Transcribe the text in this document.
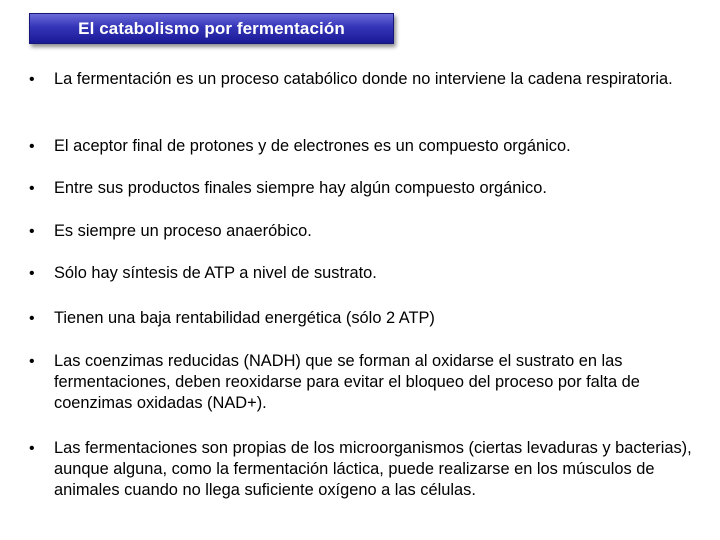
El catabolismo por fermentación
• La fermentación es un proceso catabólico donde no interviene la cadena respiratoria.
• El aceptor final de protones y de electrones es un compuesto orgánico.
• Entre sus productos finales siempre hay algún compuesto orgánico.
• Es siempre un proceso anaeróbico.
• Sólo hay síntesis de ATP a nivel de sustrato.
• Tienen una baja rentabilidad energética (sólo 2 ATP)
• Las coenzimas reducidas (NADH) que se forman al oxidarse el sustrato en las fermentaciones, deben reoxidarse para evitar el bloqueo del proceso por falta de coenzimas oxidadas (NAD+).
• Las fermentaciones son propias de los microorganismos (ciertas levaduras y bacterias), aunque alguna, como la fermentación láctica, puede realizarse en los músculos de animales cuando no llega suficiente oxígeno a las células.
